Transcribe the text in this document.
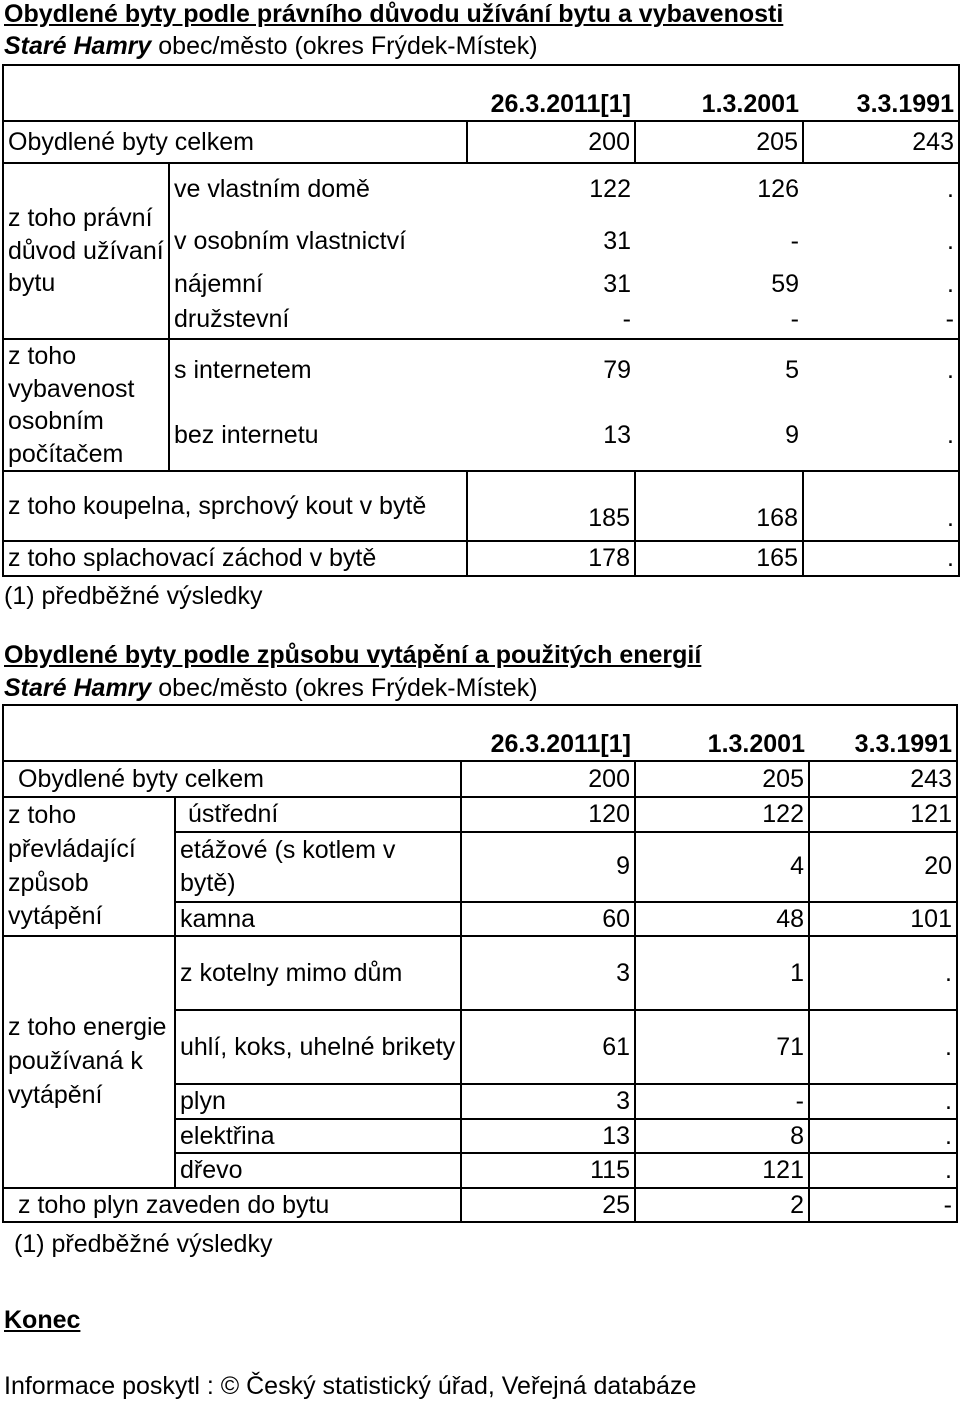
Obydlené byty podle právního důvodu užívání bytu a vybavenosti
Staré Hamry obec/město (okres Frýdek-Místek)
		26.3.2011[1]	1.3.2001	3.3.1991
Obydlené byty celkem		200	205	243
z toho právní důvod užívaní bytu	ve vlastním domě	122	126	.
	v osobním vlastnictví	31	-	.
	nájemní	31	59	.
	družstevní	-	-	-
z toho vybavenost osobním počítačem	s internetem	79	5	.
	bez internetu	13	9	.

z toho koupelna, sprchový kout v bytě		185	168	.
z toho splachovací záchod v bytě		178	165	.
(1) předběžné výsledky
Obydlené byty podle způsobu vytápění a použitých energií
Staré Hamry obec/město (okres Frýdek-Místek)
		26.3.2011[1]	1.3.2001	3.3.1991
Obydlené byty celkem		200	205	243
z toho převládající způsob vytápění	ústřední	120	122	121
	etážové (s kotlem v bytě)	9	4	20
	kamna	60	48	101
z toho energie používaná k vytápění	z kotelny mimo dům	3	1	.
	uhlí, koks, uhelné brikety	61	71	.
	plyn	3	-	.
	elektřina	13	8	.
	dřevo	115	121	.
z toho plyn zaveden do bytu		25	2	-
(1) předběžné výsledky
Konec
Informace poskytl : © Český statistický úřad, Veřejná databáze
